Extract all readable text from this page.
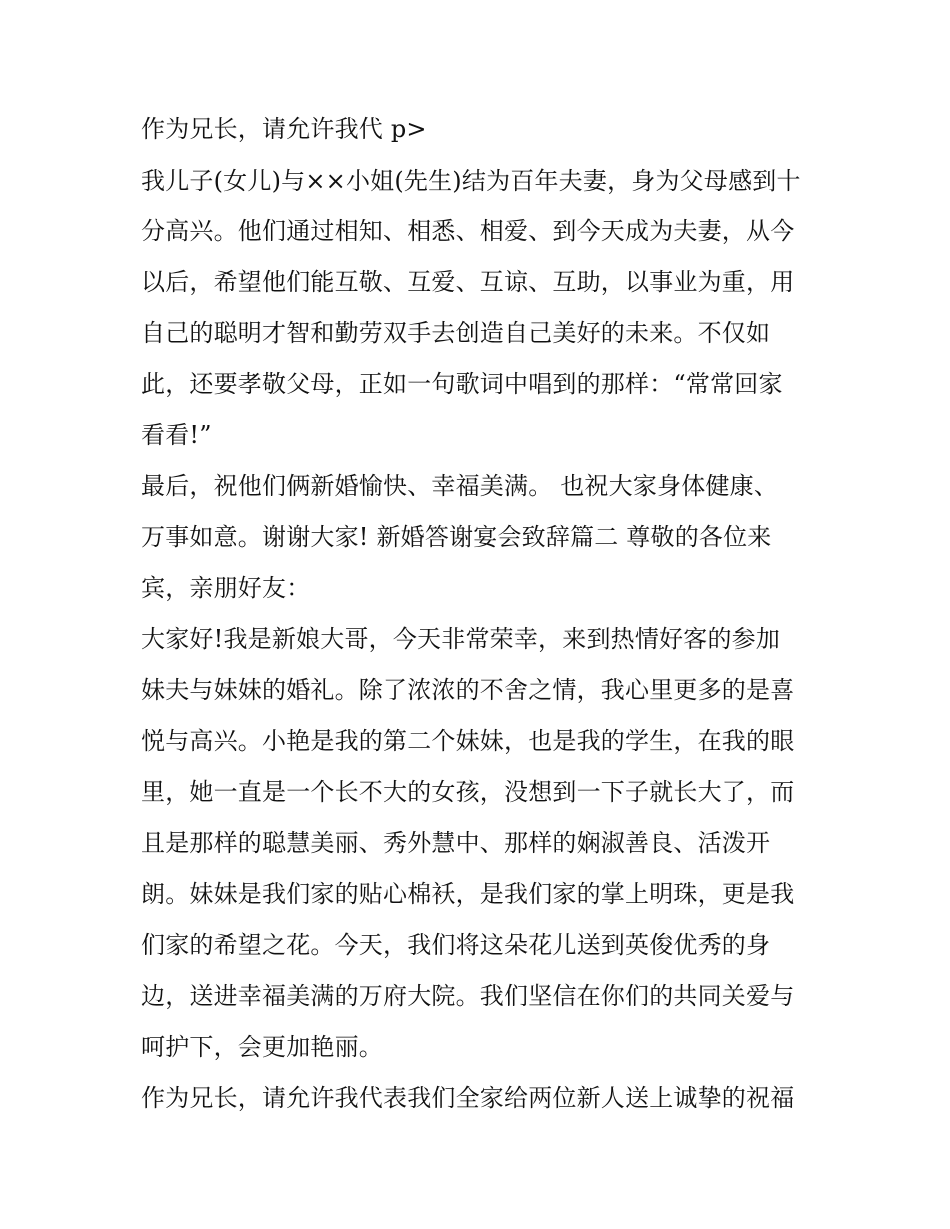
作为兄长，请允许我代 p>

我儿子(女儿)与××小姐(先生)结为百年夫妻，身为父母感到十

分高兴。他们通过相知、相悉、相爱、到今天成为夫妻，从今

以后，希望他们能互敬、互爱、互谅、互助，以事业为重，用

自己的聪明才智和勤劳双手去创造自己美好的未来。不仅如

此，还要孝敬父母，正如一句歌词中唱到的那样：“常常回家

看看!”

最后，祝他们俩新婚愉快、幸福美满。 也祝大家身体健康、

万事如意。谢谢大家! 新婚答谢宴会致辞篇二 尊敬的各位来

宾，亲朋好友：

大家好!我是新娘大哥，今天非常荣幸，来到热情好客的参加

妹夫与妹妹的婚礼。除了浓浓的不舍之情，我心里更多的是喜

悦与高兴。小艳是我的第二个妹妹，也是我的学生，在我的眼

里，她一直是一个长不大的女孩，没想到一下子就长大了，而

且是那样的聪慧美丽、秀外慧中、那样的娴淑善良、活泼开

朗。妹妹是我们家的贴心棉袄，是我们家的掌上明珠，更是我

们家的希望之花。今天，我们将这朵花儿送到英俊优秀的身

边，送进幸福美满的万府大院。我们坚信在你们的共同关爱与

呵护下，会更加艳丽。

作为兄长，请允许我代表我们全家给两位新人送上诚挚的祝福
